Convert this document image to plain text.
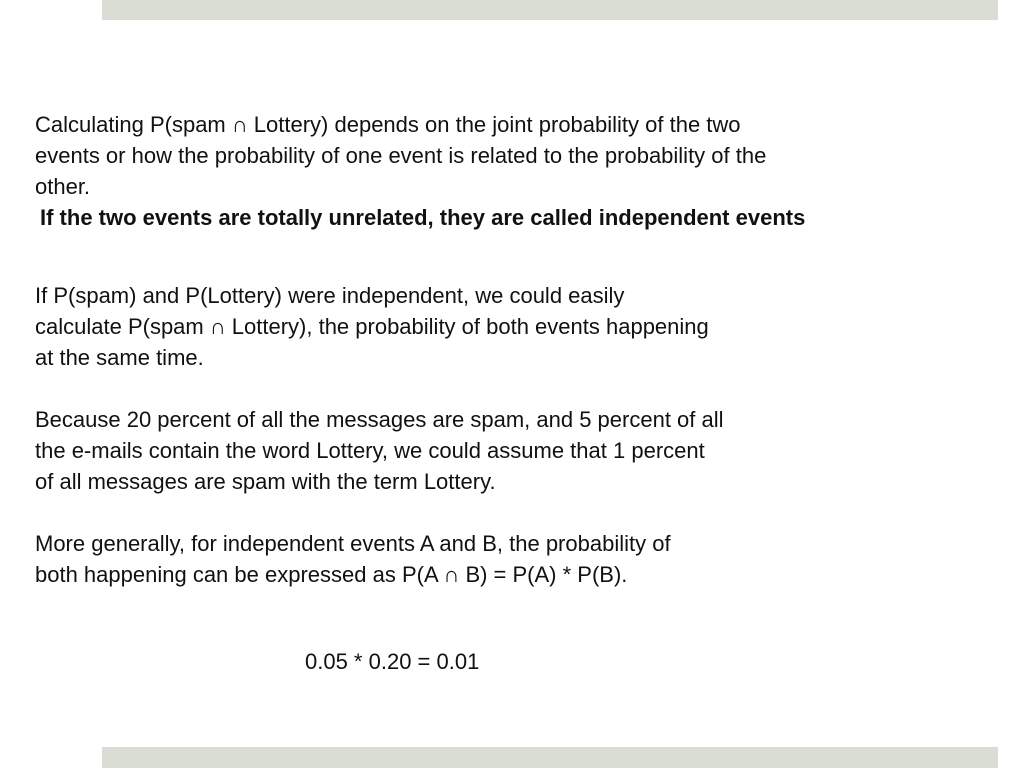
Calculating P(spam ∩ Lottery) depends on the joint probability of the two
events or how the probability of one event is related to the probability of the
other.

If the two events are totally unrelated, they are called independent events

If P(spam) and P(Lottery) were independent, we could easily
calculate P(spam ∩ Lottery), the probability of both events happening
at the same time.

Because 20 percent of all the messages are spam, and 5 percent of all
the e-mails contain the word Lottery, we could assume that 1 percent
of all messages are spam with the term Lottery.

More generally, for independent events A and B, the probability of
both happening can be expressed as P(A ∩ B) = P(A) * P(B).

0.05 * 0.20 = 0.01
